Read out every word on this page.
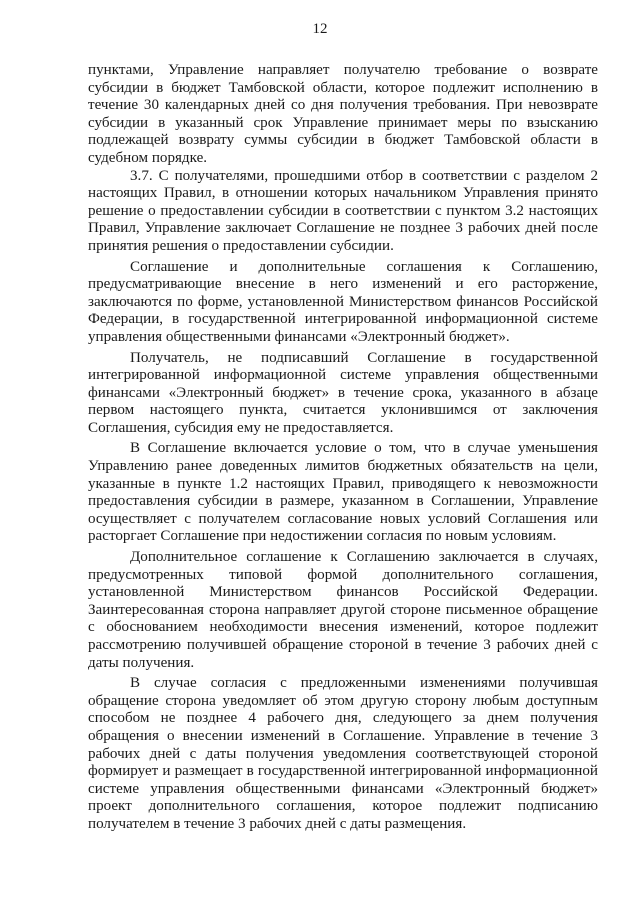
12

пунктами, Управление направляет получателю требование о возврате субсидии в бюджет Тамбовской области, которое подлежит исполнению в течение 30 календарных дней со дня получения требования. При невозврате субсидии в указанный срок Управление принимает меры по взысканию подлежащей возврату суммы субсидии в бюджет Тамбовской области в судебном порядке.

3.7. С получателями, прошедшими отбор в соответствии с разделом 2 настоящих Правил, в отношении которых начальником Управления принято решение о предоставлении субсидии в соответствии с пунктом 3.2 настоящих Правил, Управление заключает Соглашение не позднее 3 рабочих дней после принятия решения о предоставлении субсидии.

Соглашение и дополнительные соглашения к Соглашению, предусматривающие внесение в него изменений и его расторжение, заключаются по форме, установленной Министерством финансов Российской Федерации, в государственной интегрированной информационной системе управления общественными финансами «Электронный бюджет».

Получатель, не подписавший Соглашение в государственной интегрированной информационной системе управления общественными финансами «Электронный бюджет» в течение срока, указанного в абзаце первом настоящего пункта, считается уклонившимся от заключения Соглашения, субсидия ему не предоставляется.

В Соглашение включается условие о том, что в случае уменьшения Управлению ранее доведенных лимитов бюджетных обязательств на цели, указанные в пункте 1.2 настоящих Правил, приводящего к невозможности предоставления субсидии в размере, указанном в Соглашении, Управление осуществляет с получателем согласование новых условий Соглашения или расторгает Соглашение при недостижении согласия по новым условиям.

Дополнительное соглашение к Соглашению заключается в случаях, предусмотренных типовой формой дополнительного соглашения, установленной Министерством финансов Российской Федерации. Заинтересованная сторона направляет другой стороне письменное обращение с обоснованием необходимости внесения изменений, которое подлежит рассмотрению получившей обращение стороной в течение 3 рабочих дней с даты получения.

В случае согласия с предложенными изменениями получившая обращение сторона уведомляет об этом другую сторону любым доступным способом не позднее 4 рабочего дня, следующего за днем получения обращения о внесении изменений в Соглашение. Управление в течение 3 рабочих дней с даты получения уведомления соответствующей стороной формирует и размещает в государственной интегрированной информационной системе управления общественными финансами «Электронный бюджет» проект дополнительного соглашения, которое подлежит подписанию получателем в течение 3 рабочих дней с даты размещения.
